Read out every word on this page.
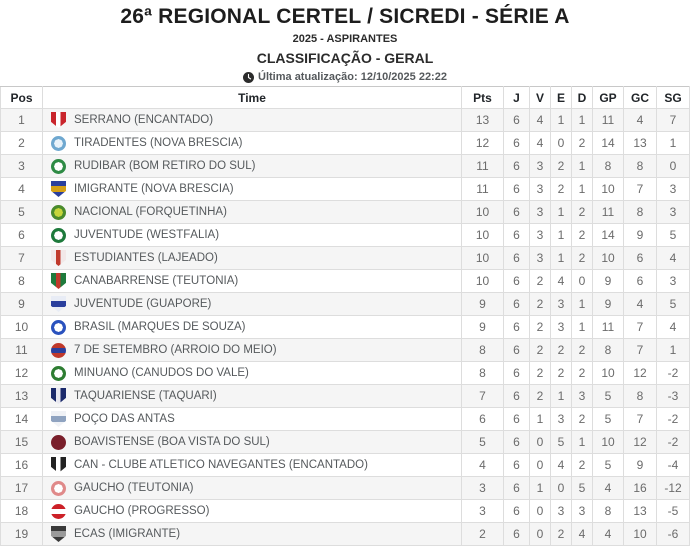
26ª REGIONAL CERTEL / SICREDI - SÉRIE A
2025 - ASPIRANTES
CLASSIFICAÇÃO - GERAL
Última atualização: 12/10/2025 22:22
Pos	Time	Pts	J	V	E	D	GP	GC	SG
1	SERRANO (ENCANTADO)	13	6	4	1	1	11	4	7
2	TIRADENTES (NOVA BRÉSCIA)	12	6	4	0	2	14	13	1
3	RUDIBAR (BOM RETIRO DO SUL)	11	6	3	2	1	8	8	0
4	IMIGRANTE (NOVA BRÉSCIA)	11	6	3	2	1	10	7	3
5	NACIONAL (FORQUETINHA)	10	6	3	1	2	11	8	3
6	JUVENTUDE (WESTFÁLIA)	10	6	3	1	2	14	9	5
7	ESTUDIANTES (LAJEADO)	10	6	3	1	2	10	6	4
8	CANABARRENSE (TEUTÔNIA)	10	6	2	4	0	9	6	3
9	JUVENTUDE (GUAPORÉ)	9	6	2	3	1	9	4	5
10	BRASIL (MARQUES DE SOUZA)	9	6	2	3	1	11	7	4
11	7 DE SETEMBRO (ARROIO DO MEIO)	8	6	2	2	2	8	7	1
12	MINUANO (CANUDOS DO VALE)	8	6	2	2	2	10	12	-2
13	TAQUARIENSE (TAQUARI)	7	6	2	1	3	5	8	-3
14	POÇO DAS ANTAS	6	6	1	3	2	5	7	-2
15	BOAVISTENSE (BOA VISTA DO SUL)	5	6	0	5	1	10	12	-2
16	CAN - CLUBE ATLÉTICO NAVEGANTES (ENCANTADO)	4	6	0	4	2	5	9	-4
17	GAÚCHO (TEUTÔNIA)	3	6	1	0	5	4	16	-12
18	GAÚCHO (PROGRESSO)	3	6	0	3	3	8	13	-5
19	ECAS (IMIGRANTE)	2	6	0	2	4	4	10	-6
